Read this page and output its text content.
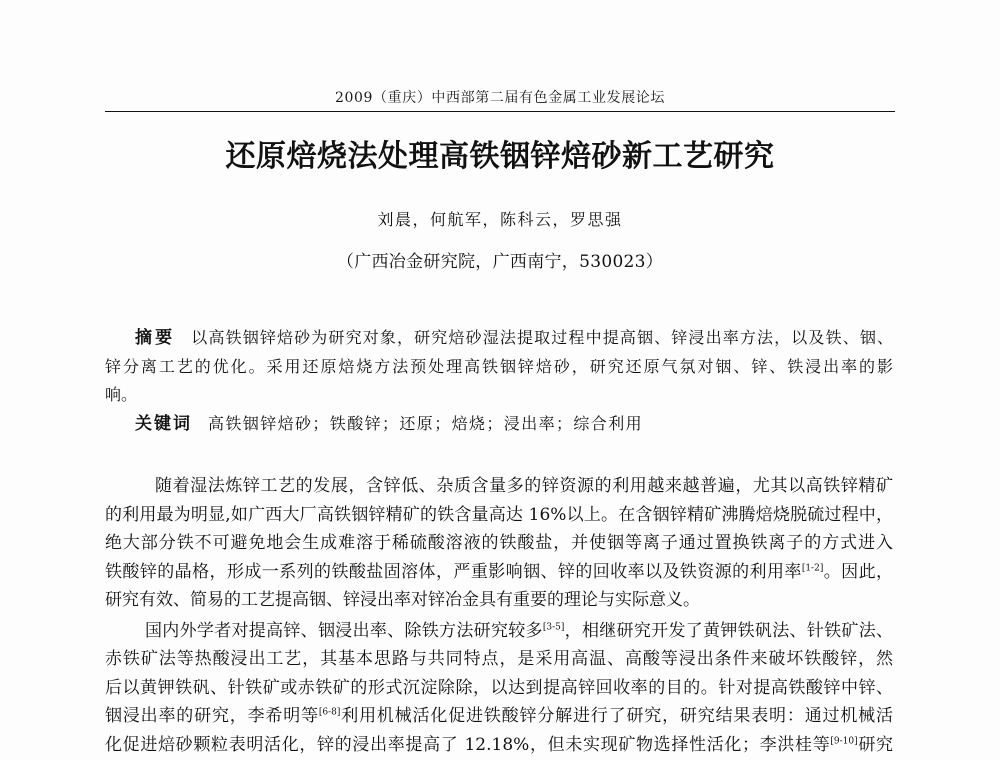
2009（重庆）中西部第二届有色金属工业发展论坛
还原焙烧法处理高铁铟锌焙砂新工艺研究
刘晨，何航军，陈科云，罗思强
（广西冶金研究院，广西南宁，530023）
摘要 以高铁铟锌焙砂为研究对象，研究焙砂湿法提取过程中提高铟、锌浸出率方法，以及铁、铟、
锌分离工艺的优化。采用还原焙烧方法预处理高铁铟锌焙砂，研究还原气氛对铟、锌、铁浸出率的影
响。
关键词 高铁铟锌焙砂；铁酸锌；还原；焙烧；浸出率；综合利用
随着湿法炼锌工艺的发展，含锌低、杂质含量多的锌资源的利用越来越普遍，尤其以高铁锌精矿
的利用最为明显,如广西大厂高铁铟锌精矿的铁含量高达 16%以上。在含铟锌精矿沸腾焙烧脱硫过程中，
绝大部分铁不可避免地会生成难溶于稀硫酸溶液的铁酸盐，并使铟等离子通过置换铁离子的方式进入
铁酸锌的晶格，形成一系列的铁酸盐固溶体，严重影响铟、锌的回收率以及铁资源的利用率[1-2]。因此，
研究有效、简易的工艺提高铟、锌浸出率对锌冶金具有重要的理论与实际意义。
国内外学者对提高锌、铟浸出率、除铁方法研究较多[3-5]，相继研究开发了黄钾铁矾法、针铁矿法、
赤铁矿法等热酸浸出工艺，其基本思路与共同特点，是采用高温、高酸等浸出条件来破坏铁酸锌，然
后以黄钾铁矾、针铁矿或赤铁矿的形式沉淀除除，以达到提高锌回收率的目的。针对提高铁酸锌中锌、
铟浸出率的研究，李希明等[6-8]利用机械活化促进铁酸锌分解进行了研究，研究结果表明：通过机械活
化促进焙砂颗粒表明活化，锌的浸出率提高了 12.18%，但未实现矿物选择性活化；李洪桂等[9-10]研究
